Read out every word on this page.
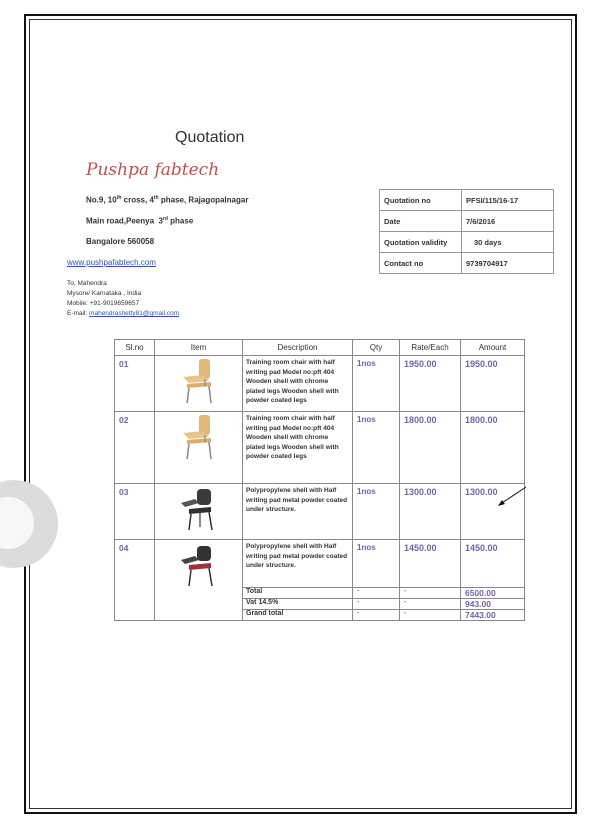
Quotation
Pushpa fabtech
No.9, 10th cross, 4th phase, Rajagopalnagar
Main road,Peenya  3rd phase
Bangalore 560058
www.pushpafabtech.com
To, Mahendra
Mysore/ Karnataka , India
Mobile: +91-9019659657
E-mail: mahendrashetty81@gmail.com
Quotation no	PFSI/115/16-17
Date	7/6/2016
Quotation validity	30 days
Contact no	9739704917
Sl.no	Item	Description	Qty	Rate/Each	Amount
01		Training room chair with half writing pad Model no:pft 404 Wooden shell with chrome plated legs Wooden shell with powder coated legs	1nos	1950.00	1950.00
02		Training room chair with half writing pad Model no:pft 404 Wooden shell with chrome plated legs Wooden shell with powder coated legs	1nos	1800.00	1800.00
03		Polypropylene shell with Half writing pad metal powder coated under structure.	1nos	1300.00	1300.00
04		Polypropylene shell with Half writing pad metal powder coated under structure.	1nos	1450.00	1450.00
		Total	-	-	6500.00
		Vat 14.5%	-	-	943.00
		Grand total	-	-	7443.00
